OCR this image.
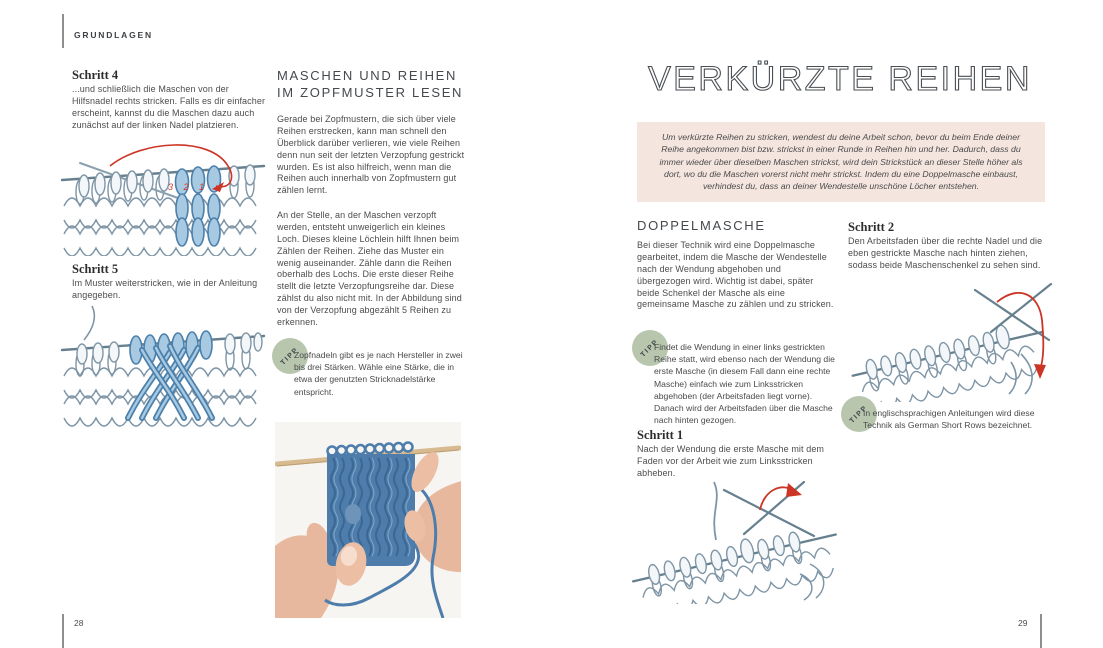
GRUNDLAGEN
Schritt 4

...und schließlich die Maschen von der Hilfsnadel rechts stricken. Falls es dir einfacher erscheint, kannst du die Maschen dazu auch zunächst auf der linken Nadel platzieren.

3 2 1
Schritt 5

Im Muster weiterstricken, wie in der Anleitung angegeben.

MASCHEN UND REIHEN
IM ZOPFMUSTER LESEN

Gerade bei Zopfmustern, die sich über viele Reihen erstrecken, kann man schnell den Überblick darüber verlieren, wie viele Reihen denn nun seit der letzten Verzopfung gestrickt wurden. Es ist also hilfreich, wenn man die Reihen auch innerhalb von Zopfmustern gut zählen lernt.

An der Stelle, an der Maschen verzopft werden, entsteht unweigerlich ein kleines Loch. Dieses kleine Löchlein hilft Ihnen beim Zählen der Reihen. Ziehe das Muster ein wenig auseinander. Zähle dann die Reihen oberhalb des Lochs. Die erste dieser Reihe stellt die letzte Verzopfungsreihe dar. Diese zählst du also nicht mit. In der Abbildung sind von der Verzopfung abgezählt 5 Reihen zu erkennen.

TIPP

Zopfnadeln gibt es je nach Hersteller in zwei bis drei Stärken. Wähle eine Stärke, die in etwa der genutzten Stricknadelstärke entspricht.

28
VERKÜRZTE REIHEN
Um verkürzte Reihen zu stricken, wendest du deine Arbeit schon, bevor du beim Ende deiner Reihe angekommen bist bzw. strickst in einer Runde in Reihen hin und her. Dadurch, dass du immer wieder über dieselben Maschen strickst, wird dein Strickstück an dieser Stelle höher als dort, wo du die Maschen vorerst nicht mehr strickst. Indem du eine Doppelmasche einbaust, verhindest du, dass an deiner Wendestelle unschöne Löcher entstehen.
DOPPELMASCHE

Bei dieser Technik wird eine Doppelmasche gearbeitet, indem die Masche der Wendestelle nach der Wendung abgehoben und übergezogen wird. Wichtig ist dabei, später beide Schenkel der Masche als eine gemeinsame Masche zu zählen und zu stricken.

TIPP

Findet die Wendung in einer links gestrickten Reihe statt, wird ebenso nach der Wendung die erste Masche (in diesem Fall dann eine rechte Masche) einfach wie zum Linksstricken abgehoben (der Arbeitsfaden liegt vorne). Danach wird der Arbeitsfaden über die Masche nach hinten gezogen.

Schritt 1

Nach der Wendung die erste Masche mit dem Faden vor der Arbeit wie zum Linksstricken abheben.

Schritt 2

Den Arbeitsfaden über die rechte Nadel und die eben gestrickte Masche nach hinten ziehen, sodass beide Maschenschenkel zu sehen sind.

TIPP

In englischsprachigen Anleitungen wird diese Technik als German Short Rows bezeichnet.

29
